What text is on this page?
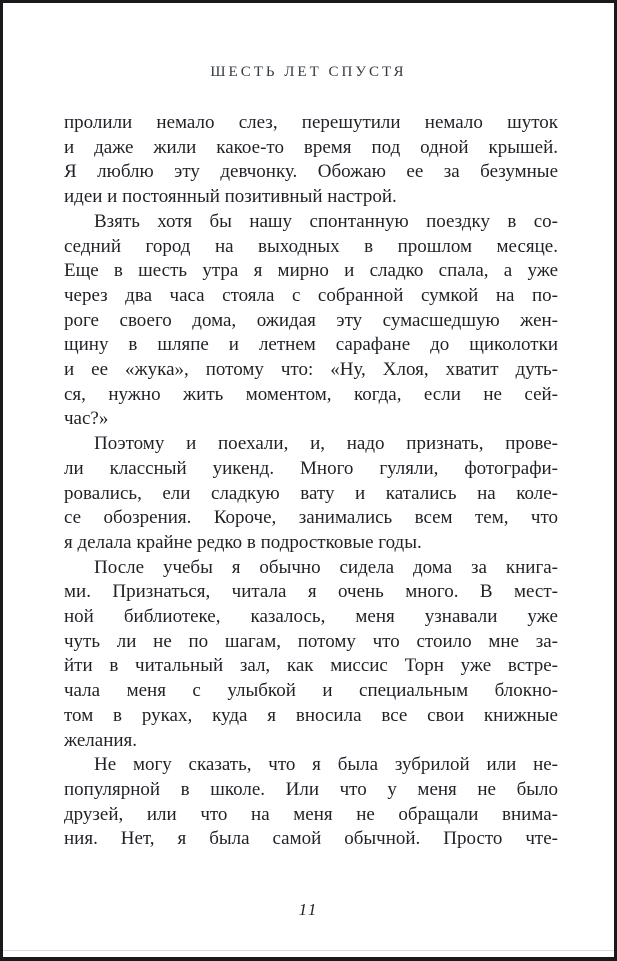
ШЕСТЬ ЛЕТ СПУСТЯ
пролили немало слез, перешутили немало шуток
и даже жили какое-то время под одной крышей.
Я люблю эту девчонку. Обожаю ее за безумные
идеи и постоянный позитивный настрой.
Взять хотя бы нашу спонтанную поездку в со-
седний город на выходных в прошлом месяце.
Еще в шесть утра я мирно и сладко спала, а уже
через два часа стояла с собранной сумкой на по-
роге своего дома, ожидая эту сумасшедшую жен-
щину в шляпе и летнем сарафане до щиколотки
и ее «жука», потому что: «Ну, Хлоя, хватит дуть-
ся, нужно жить моментом, когда, если не сей-
час?»
Поэтому и поехали, и, надо признать, прове-
ли классный уикенд. Много гуляли, фотографи-
ровались, ели сладкую вату и катались на коле-
се обозрения. Короче, занимались всем тем, что
я делала крайне редко в подростковые годы.
После учебы я обычно сидела дома за книга-
ми. Признаться, читала я очень много. В мест-
ной библиотеке, казалось, меня узнавали уже
чуть ли не по шагам, потому что стоило мне за-
йти в читальный зал, как миссис Торн уже встре-
чала меня с улыбкой и специальным блокно-
том в руках, куда я вносила все свои книжные
желания.
Не могу сказать, что я была зубрилой или не-
популярной в школе. Или что у меня не было
друзей, или что на меня не обращали внима-
ния. Нет, я была самой обычной. Просто чте-
11
